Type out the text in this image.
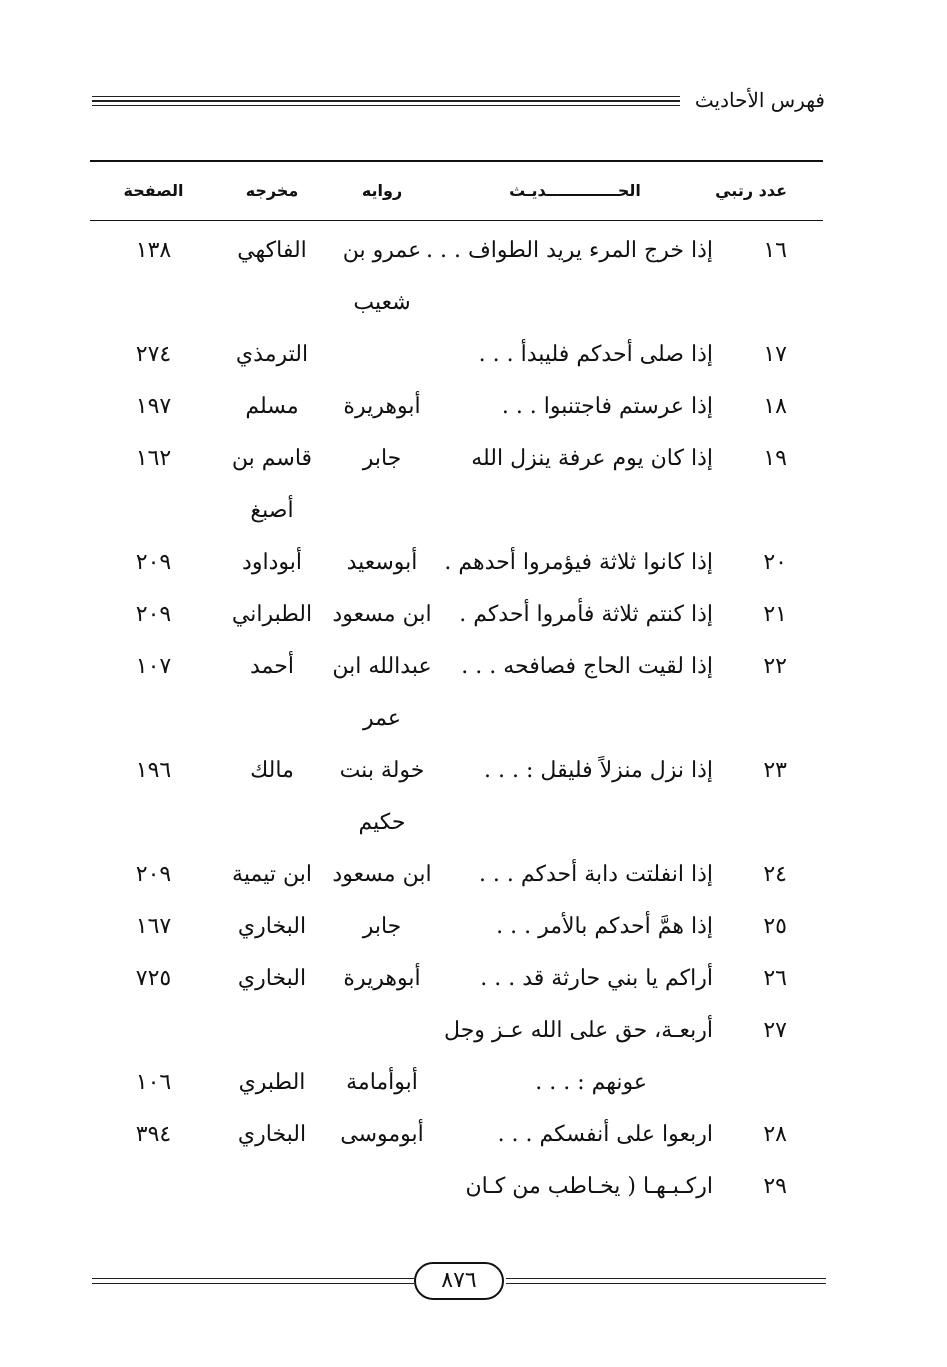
فهرس الأحاديث
عدد رتبي
الحـــــــــــــديـث
روايه
مخرجه
الصفحة
١٦
إذا خرج المرء يريد الطواف . . .
عمرو بن شعيب
الفاكهي
١٣٨
١٧
إذا صلى أحدكم فليبدأ . . .
الترمذي
٢٧٤
١٨
إذا عرستم فاجتنبوا . . .
أبوهريرة
مسلم
١٩٧
١٩
إذا كان يوم عرفة ينزل الله
جابر
قاسم بن أصبغ
١٦٢
٢٠
إذا كانوا ثلاثة فيؤمروا أحدهم .
أبوسعيد
أبوداود
٢٠٩
٢١
إذا كنتم ثلاثة فأمروا أحدكم .
ابن مسعود
الطبراني
٢٠٩
٢٢
إذا لقيت الحاج فصافحه . . .
عبدالله ابن عمر
أحمد
١٠٧
٢٣
إذا نزل منزلاً فليقل : . . .
خولة بنت حكيم
مالك
١٩٦
٢٤
إذا انفلتت دابة أحدكم . . .
ابن مسعود
ابن تيمية
٢٠٩
٢٥
إذا همَّ أحدكم بالأمر . . .
جابر
البخاري
١٦٧
٢٦
أراكم يا بني حارثة قد . . .
أبوهريرة
البخاري
٧٢٥
٢٧
أربعـة، حق على الله عـز وجل
عونهم : . . .
أبوأمامة
الطبري
١٠٦
٢٨
اربعوا على أنفسكم . . .
أبوموسى
البخاري
٣٩٤
٢٩
اركـبـهـا ( يخـاطب من كـان
٨٧٦
